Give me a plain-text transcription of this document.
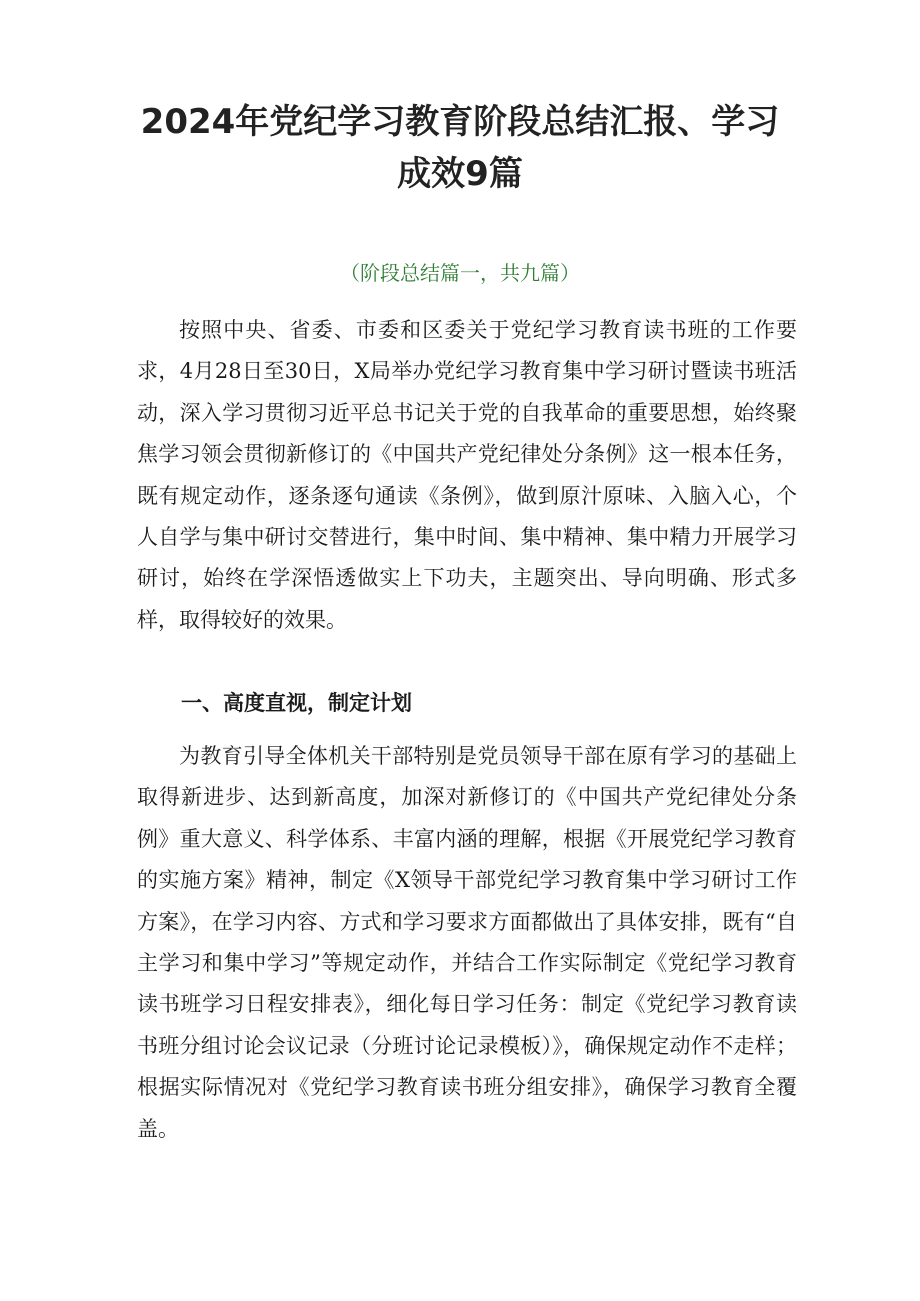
2024年党纪学习教育阶段总结汇报、学习成效9篇
（阶段总结篇一，共九篇）

按照中央、省委、市委和区委关于党纪学习教育读书班的工作要求，4月28日至30日，X局举办党纪学习教育集中学习研讨暨读书班活动，深入学习贯彻习近平总书记关于党的自我革命的重要思想，始终聚焦学习领会贯彻新修订的《中国共产党纪律处分条例》这一根本任务，既有规定动作，逐条逐句通读《条例》，做到原汁原味、入脑入心，个人自学与集中研讨交替进行，集中时间、集中精神、集中精力开展学习研讨，始终在学深悟透做实上下功夫，主题突出、导向明确、形式多样，取得较好的效果。

一、高度直视，制定计划

为教育引导全体机关干部特别是党员领导干部在原有学习的基础上取得新进步、达到新高度，加深对新修订的《中国共产党纪律处分条例》重大意义、科学体系、丰富内涵的理解，根据《开展党纪学习教育的实施方案》精神，制定《X领导干部党纪学习教育集中学习研讨工作方案》，在学习内容、方式和学习要求方面都做出了具体安排，既有“自主学习和集中学习”等规定动作，并结合工作实际制定《党纪学习教育读书班学习日程安排表》，细化每日学习任务：制定《党纪学习教育读书班分组讨论会议记录（分班讨论记录模板）》，确保规定动作不走样；根据实际情况对《党纪学习教育读书班分组安排》，确保学习教育全覆盖。
